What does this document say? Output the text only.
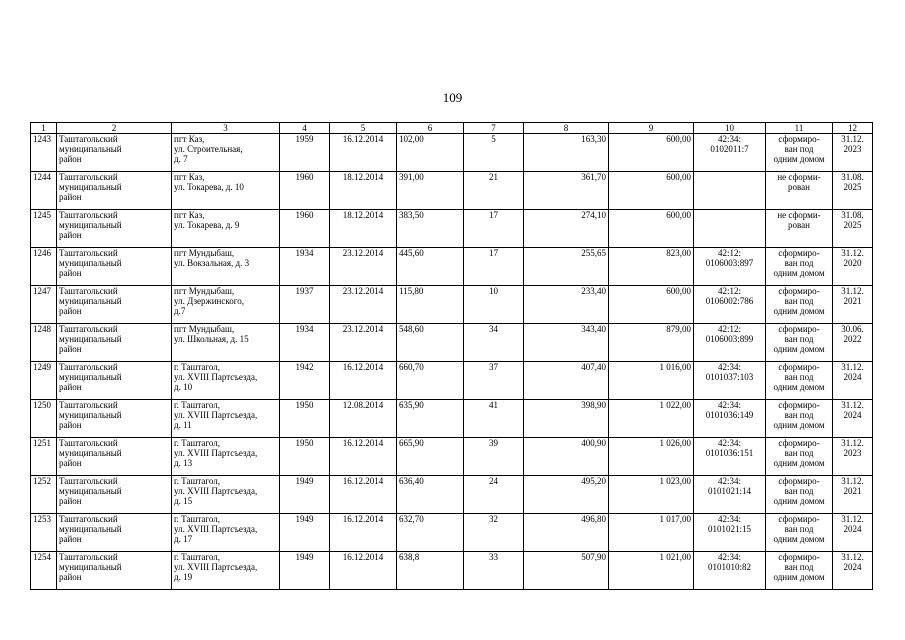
109
1	2	3	4	5	6	7	8	9	10	11	12
1243	Таштагольский
муниципальный
район	пгт Каз,
ул. Строительная,
д. 7	1959	16.12.2014	102,00	5	163,30	600,00	42:34:
0102011:7	сформиро-
ван под
одним домом	31.12.
2023
1244	Таштагольский
муниципальный
район	пгт Каз,
ул. Токарева, д. 10	1960	18.12.2014	391,00	21	361,70	600,00		не сформи-
рован	31.08.
2025
1245	Таштагольский
муниципальный
район	пгт Каз,
ул. Токарева, д. 9	1960	18.12.2014	383,50	17	274,10	600,00		не сформи-
рован	31.08.
2025
1246	Таштагольский
муниципальный
район	пгт Мундыбаш,
ул. Вокзальная, д. 3	1934	23.12.2014	445,60	17	255,65	823,00	42:12:
0106003:897	сформиро-
ван под
одним домом	31.12.
2020
1247	Таштагольский
муниципальный
район	пгт Мундыбаш,
ул. Дзержинского,
д.7	1937	23.12.2014	115,80	10	233,40	600,00	42:12:
0106002:786	сформиро-
ван под
одним домом	31.12.
2021
1248	Таштагольский
муниципальный
район	пгт Мундыбаш,
ул. Школьная, д. 15	1934	23.12.2014	548,60	34	343,40	879,00	42:12:
0106003:899	сформиро-
ван под
одним домом	30.06.
2022
1249	Таштагольский
муниципальный
район	г. Таштагол,
ул. XVIII Партсъезда,
д. 10	1942	16.12.2014	660,70	37	407,40	1 016,00	42:34:
0101037:103	сформиро-
ван под
одним домом	31.12.
2024
1250	Таштагольский
муниципальный
район	г. Таштагол,
ул. XVIII Партсъезда,
д. 11	1950	12.08.2014	635,90	41	398,90	1 022,00	42:34:
0101036:149	сформиро-
ван под
одним домом	31.12.
2024
1251	Таштагольский
муниципальный
район	г. Таштагол,
ул. XVIII Партсъезда,
д. 13	1950	16.12.2014	665,90	39	400,90	1 026,00	42:34:
0101036:151	сформиро-
ван под
одним домом	31.12.
2023
1252	Таштагольский
муниципальный
район	г. Таштагол,
ул. XVIII Партсъезда,
д. 15	1949	16.12.2014	636,40	24	495,20	1 023,00	42:34:
0101021:14	сформиро-
ван под
одним домом	31.12.
2021
1253	Таштагольский
муниципальный
район	г. Таштагол,
ул. XVIII Партсъезда,
д. 17	1949	16.12.2014	632,70	32	496,80	1 017,00	42:34:
0101021:15	сформиро-
ван под
одним домом	31.12.
2024
1254	Таштагольский
муниципальный
район	г. Таштагол,
ул. XVIII Партсъезда,
д. 19	1949	16.12.2014	638,8	33	507,90	1 021,00	42:34:
0101010:82	сформиро-
ван под
одним домом	31.12.
2024
